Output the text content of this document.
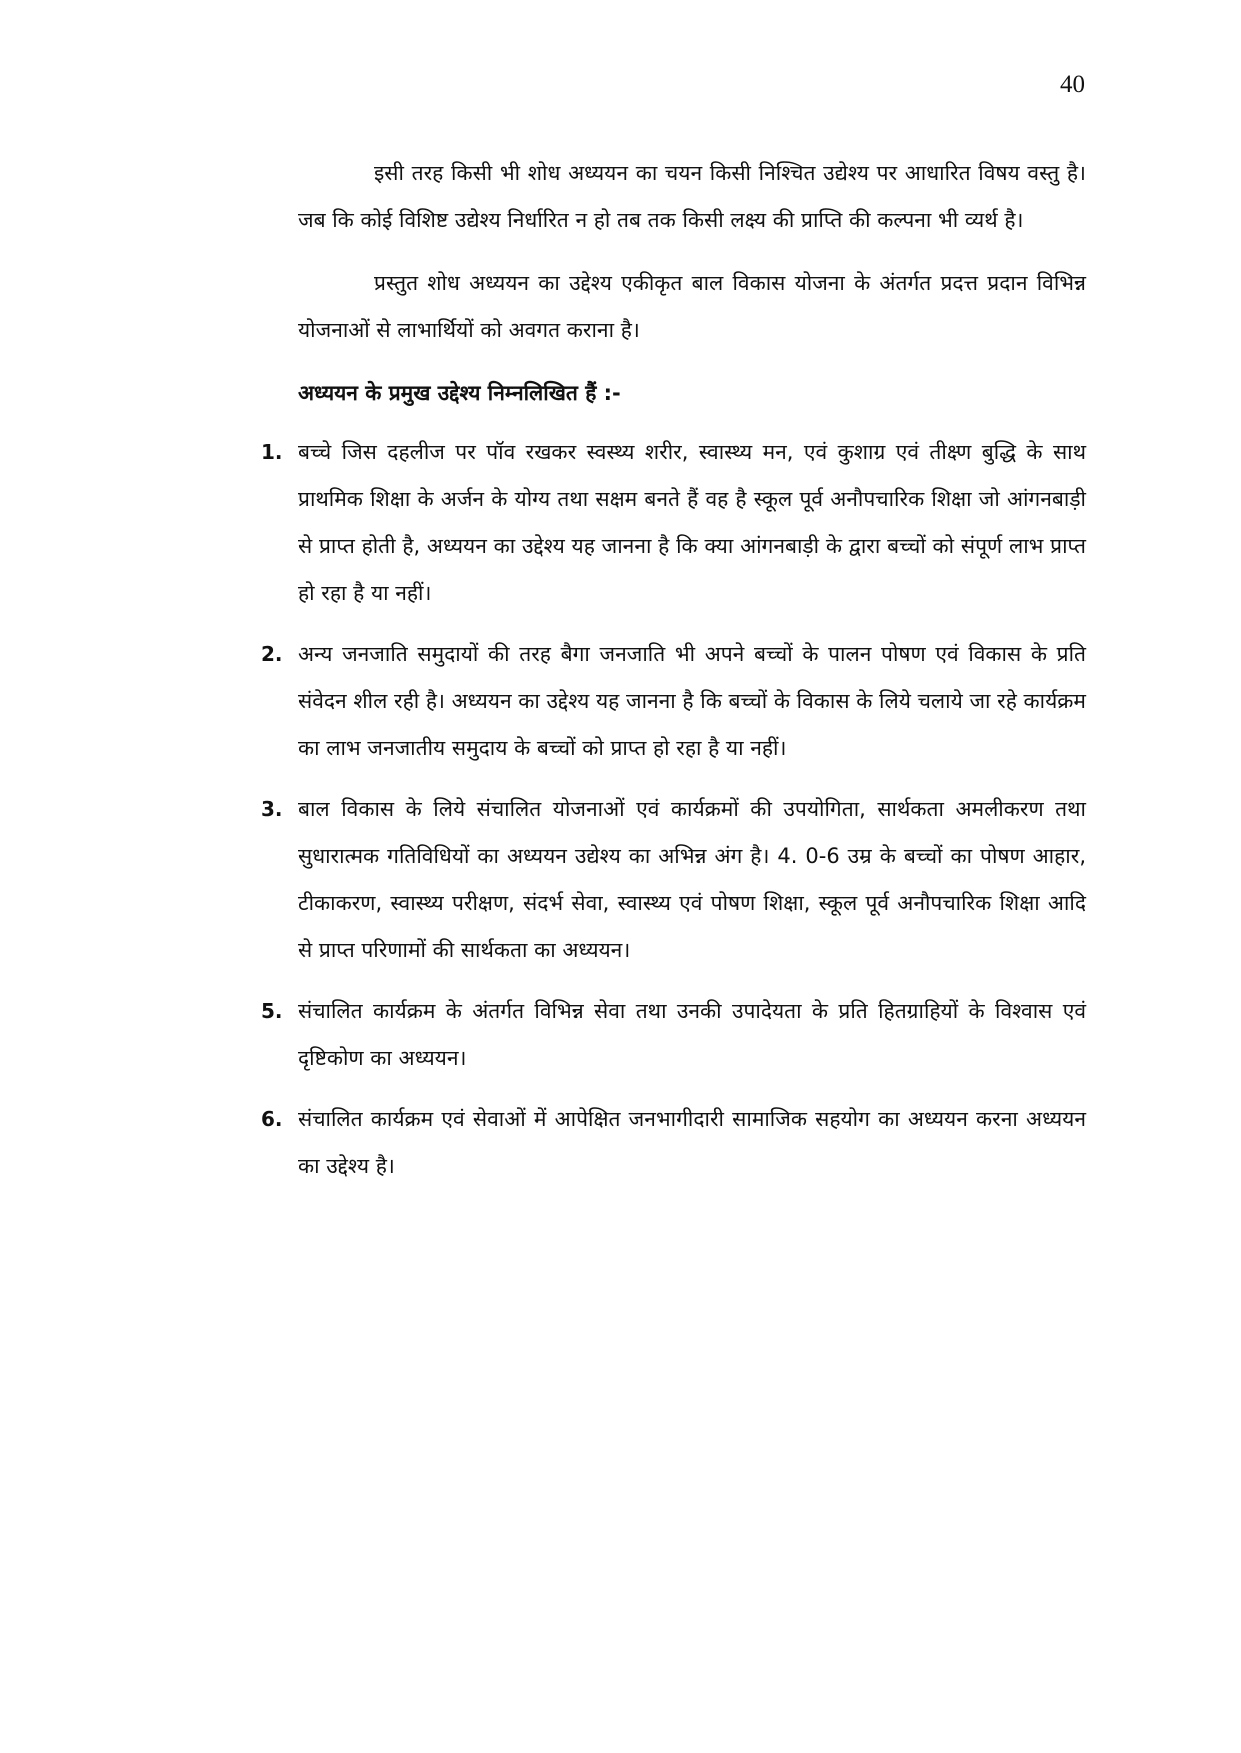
40

इसी तरह किसी भी शोध अध्ययन का चयन किसी निश्चित उद्येश्य पर आधारित विषय वस्तु है। जब कि कोई विशिष्ट उद्येश्य निर्धारित न हो तब तक किसी लक्ष्य की प्राप्ति की कल्पना भी व्यर्थ है।

प्रस्तुत शोध अध्ययन का उद्देश्य एकीकृत बाल विकास योजना के अंतर्गत प्रदत्त प्रदान विभिन्न योजनाओं से लाभार्थियों को अवगत कराना है।

अध्ययन के प्रमुख उद्देश्य निम्नलिखित हैं :-
1. बच्चे जिस दहलीज पर पॉव रखकर स्वस्थ्य शरीर, स्वास्थ्य मन, एवं कुशाग्र एवं तीक्ष्ण बुद्धि के साथ प्राथमिक शिक्षा के अर्जन के योग्य तथा सक्षम बनते हैं वह है स्कूल पूर्व अनौपचारिक शिक्षा जो आंगनबाड़ी से प्राप्त होती है, अध्ययन का उद्देश्य यह जानना है कि क्या आंगनबाड़ी के द्वारा बच्चों को संपूर्ण लाभ प्राप्त हो रहा है या नहीं।
2. अन्य जनजाति समुदायों की तरह बैगा जनजाति भी अपने बच्चों के पालन पोषण एवं विकास के प्रति संवेदन शील रही है। अध्ययन का उद्देश्य यह जानना है कि बच्चों के विकास के लिये चलाये जा रहे कार्यक्रम का लाभ जनजातीय समुदाय के बच्चों को प्राप्त हो रहा है या नहीं।
3. बाल विकास के लिये संचालित योजनाओं एवं कार्यक्रमों की उपयोगिता, सार्थकता अमलीकरण तथा सुधारात्मक गतिविधियों का अध्ययन उद्येश्य का अभिन्न अंग है। 4. 0-6 उम्र के बच्चों का पोषण आहार, टीकाकरण, स्वास्थ्य परीक्षण, संदर्भ सेवा, स्वास्थ्य एवं पोषण शिक्षा, स्कूल पूर्व अनौपचारिक शिक्षा आदि से प्राप्त परिणामों की सार्थकता का अध्ययन।
5. संचालित कार्यक्रम के अंतर्गत विभिन्न सेवा तथा उनकी उपादेयता के प्रति हितग्राहियों के विश्वास एवं दृष्टिकोण का अध्ययन।
6. संचालित कार्यक्रम एवं सेवाओं में आपेक्षित जनभागीदारी सामाजिक सहयोग का अध्ययन करना अध्ययन का उद्देश्य है।
